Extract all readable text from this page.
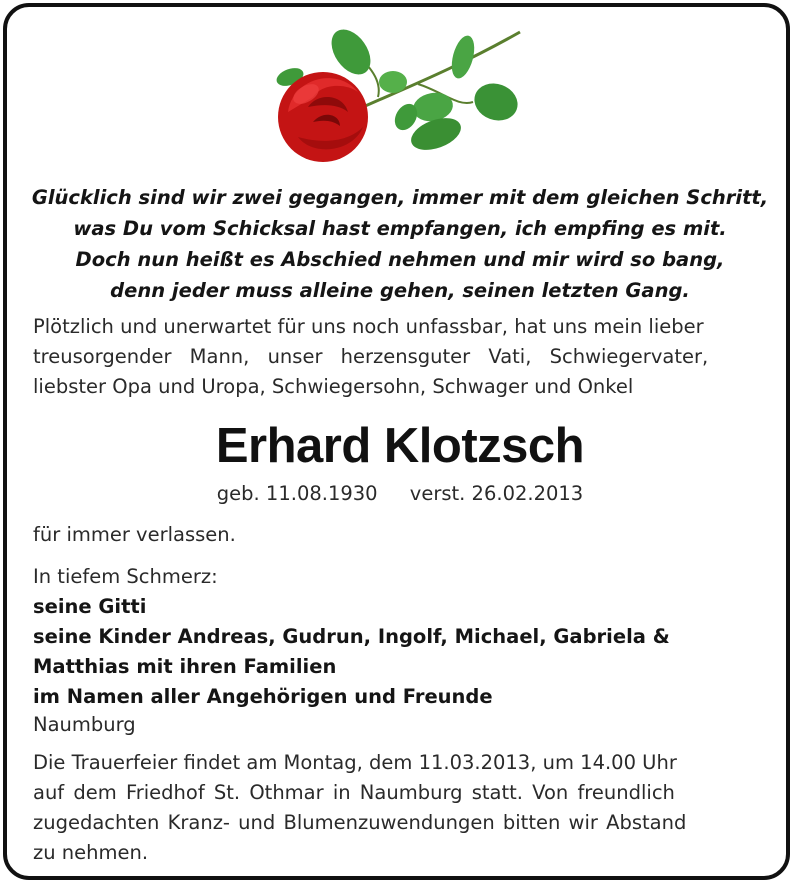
Glücklich sind wir zwei gegangen, immer mit dem gleichen Schritt,
was Du vom Schicksal hast empfangen, ich empfing es mit.
Doch nun heißt es Abschied nehmen und mir wird so bang,
denn jeder muss alleine gehen, seinen letzten Gang.
Plötzlich und unerwartet für uns noch unfassbar, hat uns mein lieber
treusorgender Mann, unser herzensguter Vati, Schwiegervater,
liebster Opa und Uropa, Schwiegersohn, Schwager und Onkel
Erhard Klotzsch
geb. 11.08.1930 verst. 26.02.2013
für immer verlassen.
In tiefem Schmerz:
seine Gitti
seine Kinder Andreas, Gudrun, Ingolf, Michael, Gabriela &
Matthias mit ihren Familien
im Namen aller Angehörigen und Freunde
Naumburg
Die Trauerfeier findet am Montag, dem 11.03.2013, um 14.00 Uhr
auf dem Friedhof St. Othmar in Naumburg statt. Von freundlich
zugedachten Kranz- und Blumenzuwendungen bitten wir Abstand
zu nehmen.
